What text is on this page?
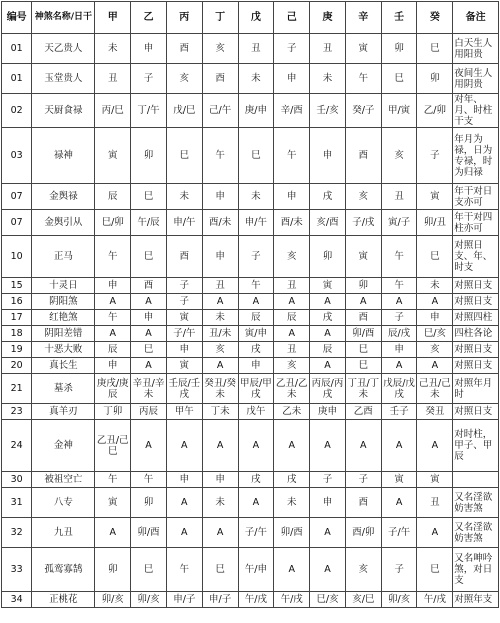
编号	神煞名称/日干	甲	乙	丙	丁	戊	己	庚	辛	壬	癸	备注
01	天乙贵人	未	申	酉	亥	丑	子	丑	寅	卯	巳	白天生人用阳贵
01	玉堂贵人	丑	子	亥	酉	未	申	未	午	巳	卯	夜间生人用阴贵
02	天厨食禄	丙/巳	丁/午	戊/巳	己/午	庚/申	辛/酉	壬/亥	癸/子	甲/寅	乙/卯	对年、月、时柱干支
03	禄神	寅	卯	巳	午	巳	午	申	酉	亥	子	年月为禄，日为专禄，时为归禄
07	金舆禄	辰	巳	未	申	未	申	戌	亥	丑	寅	年干对日支亦可
07	金舆引从	巳/卯	午/辰	申/午	酉/未	申/午	酉/未	亥/酉	子/戌	寅/子	卯/丑	年干对四柱亦可
10	正马	午	巳	酉	申	子	亥	卯	寅	午	巳	对照日支、年、时支
15	十灵日	申	酉	子	丑	午	丑	寅	卯	午	未	对照日支
16	阴阳煞	A	A	子	A	A	A	A	A	A	A	对照日支
17	红艳煞	午	申	寅	未	辰	辰	戌	酉	子	申	对照四柱
18	阴阳差错	A	A	子/午	丑/未	寅/申	A	A	卯/酉	辰/戌	巳/亥	四柱各论
19	十恶大败	辰	巳	申	亥	戌	丑	辰	巳	申	亥	对照日支
20	真长生	申	A	寅	A	申	亥	A	巳	A	A	对照日支
21	墓杀	庚戌/庚辰	辛丑/辛未	壬辰/壬戌	癸丑/癸未	甲辰/甲戌	乙丑/乙未	丙辰/丙戌	丁丑/丁未	戊辰/戊戌	己丑/己未	对照年月时
23	真羊刃	丁卯	丙辰	甲午	丁未	戊午	乙未	庚申	乙酉	壬子	癸丑	对照日支
24	金神	乙丑/己巳	A	A	A	A	A	A	A	A	A	对时柱，甲子、甲辰
30	被祖空亡	午	午	申	申	戌	戌	子	子	寅	寅	
31	八专	寅	卯	A	未	A	未	申	酉	A	丑	又名淫欲妨害煞
32	九丑	A	卯/酉	A	A	子/午	卯/酉	A	酉/卯	子/午	A	又名淫欲妨害煞
33	孤鸾寡鹄	卯	巳	午	巳	午/申	A	A	亥	子	巳	又名呻吟煞，对日支
34	正桃花	卯/亥	卯/亥	申/子	申/子	午/戌	午/戌	巳/亥	亥/巳	卯/亥	午/戌	对照年支
